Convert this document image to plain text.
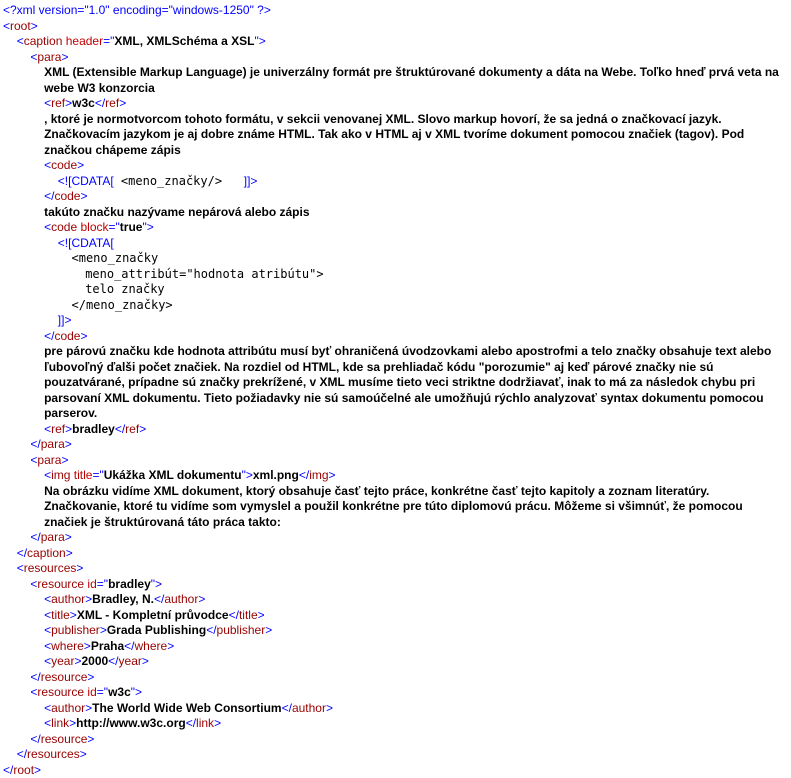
<?xml version="1.0" encoding="windows-1250" ?>
<root>
<caption header="XML, XMLSchéma a XSL">
<para>
XML (Extensible Markup Language) je univerzálny formát pre štruktúrované dokumenty a dáta na Webe. Toľko hneď prvá veta na webe W3 konzorcia
<ref>w3c</ref>
, ktoré je normotvorcom tohoto formátu, v sekcii venovanej XML. Slovo markup hovorí, že sa jedná o značkovací jazyk. Značkovacím jazykom je aj dobre známe HTML. Tak ako v HTML aj v XML tvoríme dokument pomocou značiek (tagov). Pod značkou chápeme zápis
<code>
<![CDATA[ <meno_značky/>   ]]>
</code>
takúto značku nazývame nepárová alebo zápis
<code block="true">
<![CDATA[
<meno_značky
meno_attribút="hodnota atribútu">
telo značky
</meno_značky>
]]>
</code>
pre párovú značku kde hodnota attribútu musí byť ohraničená úvodzovkami alebo apostrofmi a telo značky obsahuje text alebo ľubovoľný ďalši počet značiek. Na rozdiel od HTML, kde sa prehliadač kódu "porozumie" aj keď párové značky nie sú pouzatvárané, prípadne sú značky prekrížené, v XML musíme tieto veci striktne dodržiavať, inak to má za následok chybu pri parsovaní XML dokumentu. Tieto požiadavky nie sú samoúčelné ale umožňujú rýchlo analyzovať syntax dokumentu pomocou parserov.
<ref>bradley</ref>
</para>
<para>
<img title="Ukážka XML dokumentu">xml.png</img>
Na obrázku vidíme XML dokument, ktorý obsahuje časť tejto práce, konkrétne časť tejto kapitoly a zoznam literatúry. Značkovanie, ktoré tu vidíme som vymyslel a použil konkrétne pre túto diplomovú prácu. Môžeme si všimnúť, že pomocou značiek je štruktúrovaná táto práca takto:
</para>
</caption>
<resources>
<resource id="bradley">
<author>Bradley, N.</author>
<title>XML - Kompletní průvodce</title>
<publisher>Grada Publishing</publisher>
<where>Praha</where>
<year>2000</year>
</resource>
<resource id="w3c">
<author>The World Wide Web Consortium</author>
<link>http://www.w3c.org</link>
</resource>
</resources>
</root>
